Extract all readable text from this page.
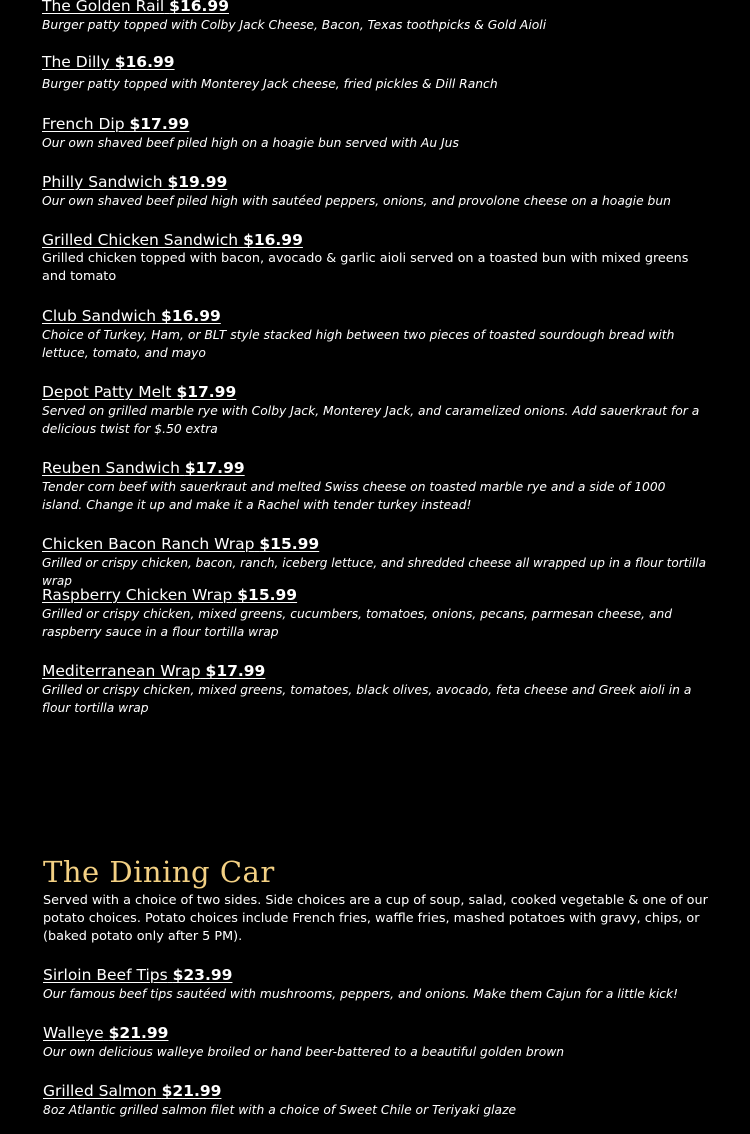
The Golden Rail $16.99
Burger patty topped with Colby Jack Cheese, Bacon, Texas toothpicks & Gold Aioli
The Dilly $16.99
Burger patty topped with Monterey Jack cheese, fried pickles & Dill Ranch
French Dip $17.99
Our own shaved beef piled high on a hoagie bun served with Au Jus
Philly Sandwich $19.99
Our own shaved beef piled high with sautéed peppers, onions, and provolone cheese on a hoagie bun
Grilled Chicken Sandwich $16.99
Grilled chicken topped with bacon, avocado & garlic aioli served on a toasted bun with mixed greens and tomato
Club Sandwich $16.99
Choice of Turkey, Ham, or BLT style stacked high between two pieces of toasted sourdough bread with lettuce, tomato, and mayo
Depot Patty Melt $17.99
Served on grilled marble rye with Colby Jack, Monterey Jack, and caramelized onions. Add sauerkraut for a delicious twist for $.50 extra
Reuben Sandwich $17.99
Tender corn beef with sauerkraut and melted Swiss cheese on toasted marble rye and a side of 1000 island. Change it up and make it a Rachel with tender turkey instead!
Chicken Bacon Ranch Wrap $15.99
Grilled or crispy chicken, bacon, ranch, iceberg lettuce, and shredded cheese all wrapped up in a flour tortilla wrap
Raspberry Chicken Wrap $15.99
Grilled or crispy chicken, mixed greens, cucumbers, tomatoes, onions, pecans, parmesan cheese, and raspberry sauce in a flour tortilla wrap
Mediterranean Wrap $17.99
Grilled or crispy chicken, mixed greens, tomatoes, black olives, avocado, feta cheese and Greek aioli in a flour tortilla wrap
The Dining Car
Served with a choice of two sides. Side choices are a cup of soup, salad, cooked vegetable & one of our potato choices. Potato choices include French fries, waffle fries, mashed potatoes with gravy, chips, or (baked potato only after 5 PM).
Sirloin Beef Tips $23.99
Our famous beef tips sautéed with mushrooms, peppers, and onions. Make them Cajun for a little kick!
Walleye $21.99
Our own delicious walleye broiled or hand beer-battered to a beautiful golden brown
Grilled Salmon $21.99
8oz Atlantic grilled salmon filet with a choice of Sweet Chile or Teriyaki glaze
